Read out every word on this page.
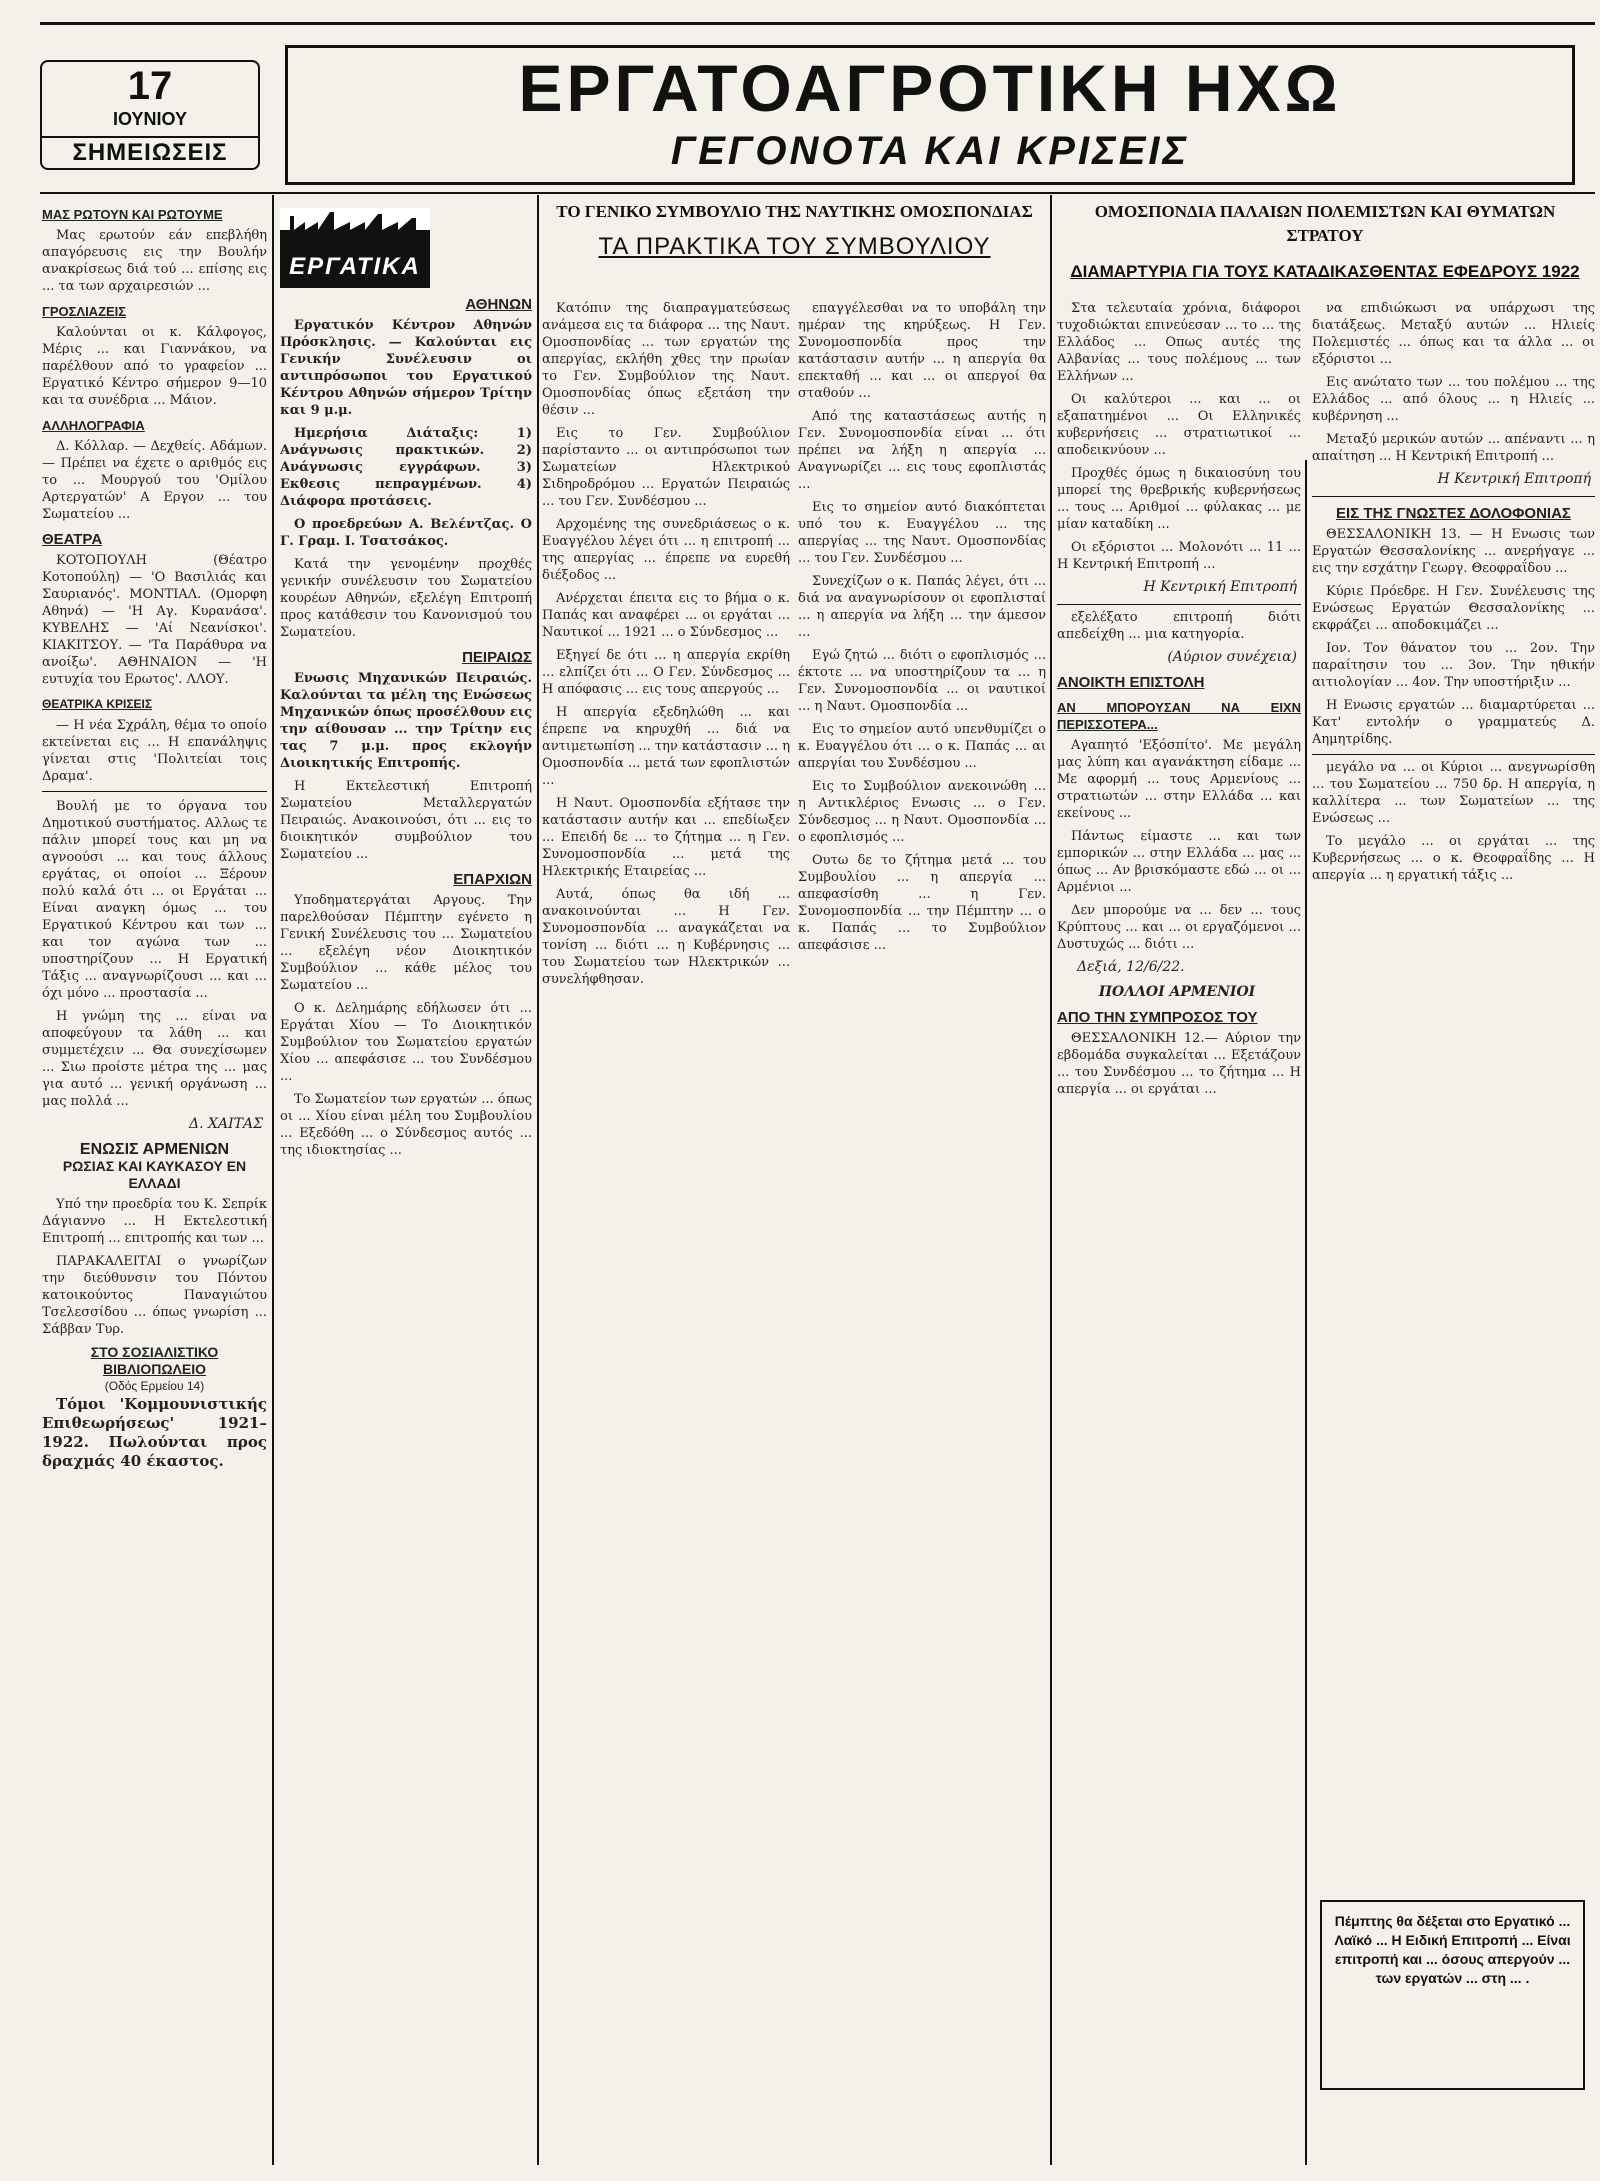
17
ΙΟΥΝΙΟΥ
ΣΗΜΕΙΩΣΕΙΣ
ΕΡΓΑΤΟΑΓΡΟΤΙΚΗ ΗΧΩ
ΓΕΓΟΝΟΤΑ ΚΑΙ ΚΡΙΣΕΙΣ
ΜΑΣ ΡΩΤΟΥΝ ΚΑΙ ΡΩΤΟΥΜΕ

Μας ερωτούν εάν επεβλήθη απαγόρευσις εις την Βουλήν ανακρίσεως διά τού ... επίσης εις ... τα των αρχαιρεσιών ...

ΓΡΟΣΛΙΑΖΕΙΣ

Καλούνται οι κ. Κάλφογος, Μέρις ... και Γιαννάκου, να παρέλθουν από το γραφείον ... Εργατικό Κέντρο σήμερον 9—10 και τα συνέδρια ... Μάιον.

ΑΛΛΗΛΟΓΡΑΦΙΑ

Δ. Κόλλαρ. — Δεχθείς. Αδάμων. — Πρέπει να έχετε ο αριθμός εις το ... Μουργού του 'Ομίλου Αρτεργατών' Α Εργον ... του Σωματείου ...

ΘΕΑΤΡΑ

ΚΟΤΟΠΟΥΛΗ (Θέατρο Κοτοπούλη) — 'Ο Βασιλιάς και Σαυριανός'. ΜΟΝΤΙΑΛ. (Ομορφη Αθηνά) — 'Η Αγ. Κυρανάσα'. ΚΥΒΕΛΗΣ — 'Αί Νεανίσκοι'. ΚΙΑΚΙΤΣΟΥ. — 'Τα Παράθυρα να ανοίξω'. ΑΘΗΝΑΙΟΝ — 'Η ευτυχία του Ερωτος'. ΛΛΟΥ.

ΘΕΑΤΡΙΚΑ ΚΡΙΣΕΙΣ

— Η νέα Σχράλη, θέμα το οποίο εκτείνεται εις ... Η επανάληψις γίνεται στις 'Πολιτείαι τοις Δραμα'.

Βουλή με το όργανα του Δημοτικού συστήματος. Αλλως τε πάλιν μπορεί τους και μη να αγνοούσι ... και τους άλλους εργάτας, οι οποίοι ... Ξέρουν πολύ καλά ότι ... οι Εργάται ... Είναι αναγκη όμως ... του Εργατικού Κέντρου και των ... και τον αγώνα των ... υποστηρίζουν ... Η Εργατική Τάξις ... αναγνωρίζουσι ... και ... όχι μόνο ... προστασία ...

Η γνώμη της ... είναι να αποφεύγουν τα λάθη ... και συμμετέχειν ... Θα συνεχίσωμεν ... Σιω προίστε μέτρα της ... μας για αυτό ... γενική οργάνωση ... μας πολλά ...

Δ. ΧΑΙΤΑΣ
ΕΝΩΣΙΣ ΑΡΜΕΝΙΩΝ
ΡΩΣΙΑΣ ΚΑΙ ΚΑΥΚΑΣΟΥ ΕΝ ΕΛΛΑΔΙ

Υπό την προεδρία του Κ. Σεπρίκ Δάγιαννο ... Η Εκτελεστική Επιτροπή ... επιτροπής και των ...

ΠΑΡΑΚΑΛΕΙΤΑΙ ο γνωρίζων την διεύθυνσιν του Πόντου κατοικούντος Παναγιώτου Τσελεσσίδου ... όπως γνωρίση ... Σάββαν Τυρ.

ΣΤΟ ΣΟΣΙΑΛΙΣΤΙΚΟ ΒΙΒΛΙΟΠΩΛΕΙΟ
(Οδός Ερμείου 14)

Τόμοι 'Κομμουνιστικής Επιθεωρήσεως' 1921–1922. Πωλούνται προς δραχμάς 40 έκαστος.

ΕΡΓΑΤΙΚΑ
ΑΘΗΝΩΝ

Εργατικόν Κέντρον Αθηνών Πρόσκλησις. — Καλούνται εις Γενικήν Συνέλευσιν οι αντιπρόσωποι του Εργατικού Κέντρου Αθηνών σήμερον Τρίτην και 9 μ.μ.

Ημερήσια Διάταξις: 1) Ανάγνωσις πρακτικών. 2) Ανάγνωσις εγγράφων. 3) Εκθεσις πεπραγμένων. 4) Διάφορα προτάσεις.

Ο προεδρεύων Α. Βελέντζας. Ο Γ. Γραμ. Ι. Τσατσάκος.

Κατά την γενομένην προχθές γενικήν συνέλευσιν του Σωματείου κουρέων Αθηνών, εξελέγη Επιτροπή προς κατάθεσιν του Κανονισμού του Σωματείου.

ΠΕΙΡΑΙΩΣ

Ενωσις Μηχανικών Πειραιώς. Καλούνται τα μέλη της Ενώσεως Μηχανικών όπως προσέλθουν εις την αίθουσαν ... την Τρίτην εις τας 7 μ.μ. προς εκλογήν Διοικητικής Επιτροπής.

Η Εκτελεστική Επιτροπή Σωματείου Μεταλλεργατών Πειραιώς. Ανακοινούσι, ότι ... εις το διοικητικόν συμβούλιον του Σωματείου ...

ΕΠΑΡΧΙΩΝ

Υποδηματεργάται Αργους. Την παρελθούσαν Πέμπτην εγένετο η Γενική Συνέλευσις του ... Σωματείου ... εξελέγη νέον Διοικητικόν Συμβούλιον ... κάθε μέλος του Σωματείου ...

Ο κ. Δελημάρης εδήλωσεν ότι ... Εργάται Χίου — Το Διοικητικόν Συμβούλιον του Σωματείου εργατών Χίου ... απεφάσισε ... του Συνδέσμου ...

Το Σωματείον των εργατών ... όπως οι ... Χίου είναι μέλη του Συμβουλίου ... Εξεδόθη ... ο Σύνδεσμος αυτός ... της ιδιοκτησίας ...

ΤΟ ΓΕΝΙΚΟ ΣΥΜΒΟΥΛΙΟ ΤΗΣ ΝΑΥΤΙΚΗΣ ΟΜΟΣΠΟΝΔΙΑΣ
ΤΑ ΠΡΑΚΤΙΚΑ ΤΟΥ ΣΥΜΒΟΥΛΙΟΥ

Κατόπιν της διαπραγματεύσεως ανάμεσα εις τα διάφορα ... της Ναυτ. Ομοσπονδίας ... των εργατών της απεργίας, εκλήθη χθες την πρωίαν το Γεν. Συμβούλιον της Ναυτ. Ομοσπονδίας όπως εξετάση την θέσιν ...

Εις το Γεν. Συμβούλιον παρίσταντο ... οι αντιπρόσωποι των Σωματείων Ηλεκτρικού Σιδηροδρόμου ... Εργατών Πειραιώς ... του Γεν. Συνδέσμου ...

Αρχομένης της συνεδριάσεως ο κ. Ευαγγέλου λέγει ότι ... η επιτροπή ... της απεργίας ... έπρεπε να ευρεθή διέξοδος ...

Ανέρχεται έπειτα εις το βήμα ο κ. Παπάς και αναφέρει ... οι εργάται ... Ναυτικοί ... 1921 ... ο Σύνδεσμος ...

Εξηγεί δε ότι ... η απεργία εκρίθη ... ελπίζει ότι ... Ο Γεν. Σύνδεσμος ... Η απόφασις ... εις τους απεργούς ...

Η απεργία εξεδηλώθη ... και έπρεπε να κηρυχθή ... διά να αντιμετωπίση ... την κατάστασιν ... η Ομοσπονδία ... μετά των εφοπλιστών ...

Η Ναυτ. Ομοσπονδία εξήτασε την κατάστασιν αυτήν και ... επεδίωξεν ... Επειδή δε ... το ζήτημα ... η Γεν. Συνομοσπονδία ... μετά της Ηλεκτρικής Εταιρείας ...

Αυτά, όπως θα ιδή ... ανακοινούνται ... Η Γεν. Συνομοσπονδία ... αναγκάζεται να τονίση ... διότι ... η Κυβέρνησις ... του Σωματείου των Ηλεκτρικών ... συνελήφθησαν.

επαγγέλεσθαι να το υποβάλη την ημέραν της κηρύξεως. Η Γεν. Συνομοσπονδία προς την κατάστασιν αυτήν ... η απεργία θα επεκταθή ... και ... οι απεργοί θα σταθούν ...

Από της καταστάσεως αυτής η Γεν. Συνομοσπονδία είναι ... ότι πρέπει να λήξη η απεργία ... Αναγνωρίζει ... εις τους εφοπλιστάς ...

Εις το σημείον αυτό διακόπτεται υπό του κ. Ευαγγέλου ... της απεργίας ... της Ναυτ. Ομοσπονδίας ... του Γεν. Συνδέσμου ...

Συνεχίζων ο κ. Παπάς λέγει, ότι ... διά να αναγνωρίσουν οι εφοπλισταί ... η απεργία να λήξη ... την άμεσον ...

Εγώ ζητώ ... διότι ο εφοπλισμός ... έκτοτε ... να υποστηρίζουν τα ... η Γεν. Συνομοσπονδία ... οι ναυτικοί ... η Ναυτ. Ομοσπονδία ...

Εις το σημείον αυτό υπενθυμίζει ο κ. Ευαγγέλου ότι ... ο κ. Παπάς ... αι απεργίαι του Συνδέσμου ...

Εις το Συμβούλιον ανεκοινώθη ... η Αντικλέριος Ενωσις ... ο Γεν. Σύνδεσμος ... η Ναυτ. Ομοσπονδία ... ο εφοπλισμός ...

Ουτω δε το ζήτημα μετά ... του Συμβουλίου ... η απεργία ... απεφασίσθη ... η Γεν. Συνομοσπονδία ... την Πέμπτην ... ο κ. Παπάς ... το Συμβούλιον απεφάσισε ...

ΟΜΟΣΠΟΝΔΙΑ ΠΑΛΑΙΩΝ ΠΟΛΕΜΙΣΤΩΝ ΚΑΙ ΘΥΜΑΤΩΝ ΣΤΡΑΤΟΥ
ΔΙΑΜΑΡΤΥΡΙΑ ΓΙΑ ΤΟΥΣ ΚΑΤΑΔΙΚΑΣΘΕΝΤΑΣ ΕΦΕΔΡΟΥΣ 1922

Στα τελευταία χρόνια, διάφοροι τυχοδιώκται επινεύεσαν ... το ... της Ελλάδος ... Οπως αυτές της Αλβανίας ... τους πολέμους ... των Ελλήνων ...

Οι καλύτεροι ... και ... οι εξαπατημένοι ... Οι Ελληνικές κυβερνήσεις ... στρατιωτικοί ... αποδεικνύουν ...

Προχθές όμως η δικαιοσύνη του μπορεί της θρεβρικής κυβερνήσεως ... τους ... Αριθμοί ... φύλακας ... με μίαν καταδίκη ...

Οι εξόριστοι ... Μολονότι ... 11 ... Η Κεντρική Επιτροπή ...

Η Κεντρική Επιτροπή

εξελέξατο επιτροπή διότι απεδείχθη ... μια κατηγορία.

(Αύριον συνέχεια)
ΑΝΟΙΚΤΗ ΕΠΙΣΤΟΛΗ
ΑΝ ΜΠΟΡΟΥΣΑΝ ΝΑ ΕΙΧΝ ΠΕΡΙΣΣΟΤΕΡΑ...

Αγαπητό 'Εξόσπίτο'. Με μεγάλη μας λύπη και αγανάκτηση είδαμε ... Με αφορμή ... τους Αρμενίους ... στρατιωτών ... στην Ελλάδα ... και εκείνους ...

Πάντως είμαστε ... και των εμπορικών ... στην Ελλάδα ... μας ... όπως ... Αν βρισκόμαστε εδώ ... οι ... Αρμένιοι ...

Δεν μπορούμε να ... δεν ... τους Κρύπτους ... και ... οι εργαζόμενοι ... Δυστυχώς ... διότι ...

Δεξιά, 12/6/22.
ΠΟΛΛΟΙ ΑΡΜΕΝΙΟΙ
ΑΠΟ ΤΗΝ ΣΥΜΠΡΟΣΟΣ ΤΟΥ

ΘΕΣΣΑΛΟΝΙΚΗ 12.— Αύριον την εβδομάδα συγκαλείται ... Εξετάζουν ... του Συνδέσμου ... το ζήτημα ... Η απεργία ... οι εργάται ...

να επιδιώκωσι να υπάρχωσι της διατάξεως. Μεταξύ αυτών ... Ηλιείς Πολεμιστές ... όπως και τα άλλα ... οι εξόριστοι ...

Εις ανώτατο των ... του πολέμου ... της Ελλάδος ... από όλους ... η Ηλιείς ... κυβέρνηση ...

Μεταξύ μερικών αυτών ... απέναντι ... η απαίτηση ... Η Κεντρική Επιτροπή ...

Η Κεντρική Επιτροπή
ΕΙΣ ΤΗΣ ΓΝΩΣΤΕΣ ΔΟΛΟΦΟΝΙΑΣ

ΘΕΣΣΑΛΟΝΙΚΗ 13. — Η Ενωσις των Εργατών Θεσσαλονίκης ... ανερήγαγε ... εις την εσχάτην Γεωργ. Θεοφραΐδου ...

Κύριε Πρόεδρε. Η Γεν. Συνέλευσις της Ενώσεως Εργατών Θεσσαλονίκης ... εκφράζει ... αποδοκιμάζει ...

Ιον. Τον θάνατον του ... 2ον. Την παραίτησιν του ... 3ον. Την ηθικήν αιτιολογίαν ... 4ον. Την υποστήριξιν ...

Η Ενωσις εργατών ... διαμαρτύρεται ... Κατ' εντολήν ο γραμματεύς Δ. Αημητρίδης.

μεγάλο να ... οι Κύριοι ... ανεγνωρίσθη ... του Σωματείου ... 750 δρ. Η απεργία, η καλλίτερα ... των Σωματείων ... της Ενώσεως ...

Το μεγάλο ... οι εργάται ... της Κυβερνήσεως ... ο κ. Θεοφραΐδης ... Η απεργία ... η εργατική τάξις ...

Πέμπτης θα δέξεται στο Εργατικό ... Λαϊκό ... Η Ειδική Επιτροπή ... Είναι επιτροπή και ... όσους απεργούν ... των εργατών ... στη ... .
